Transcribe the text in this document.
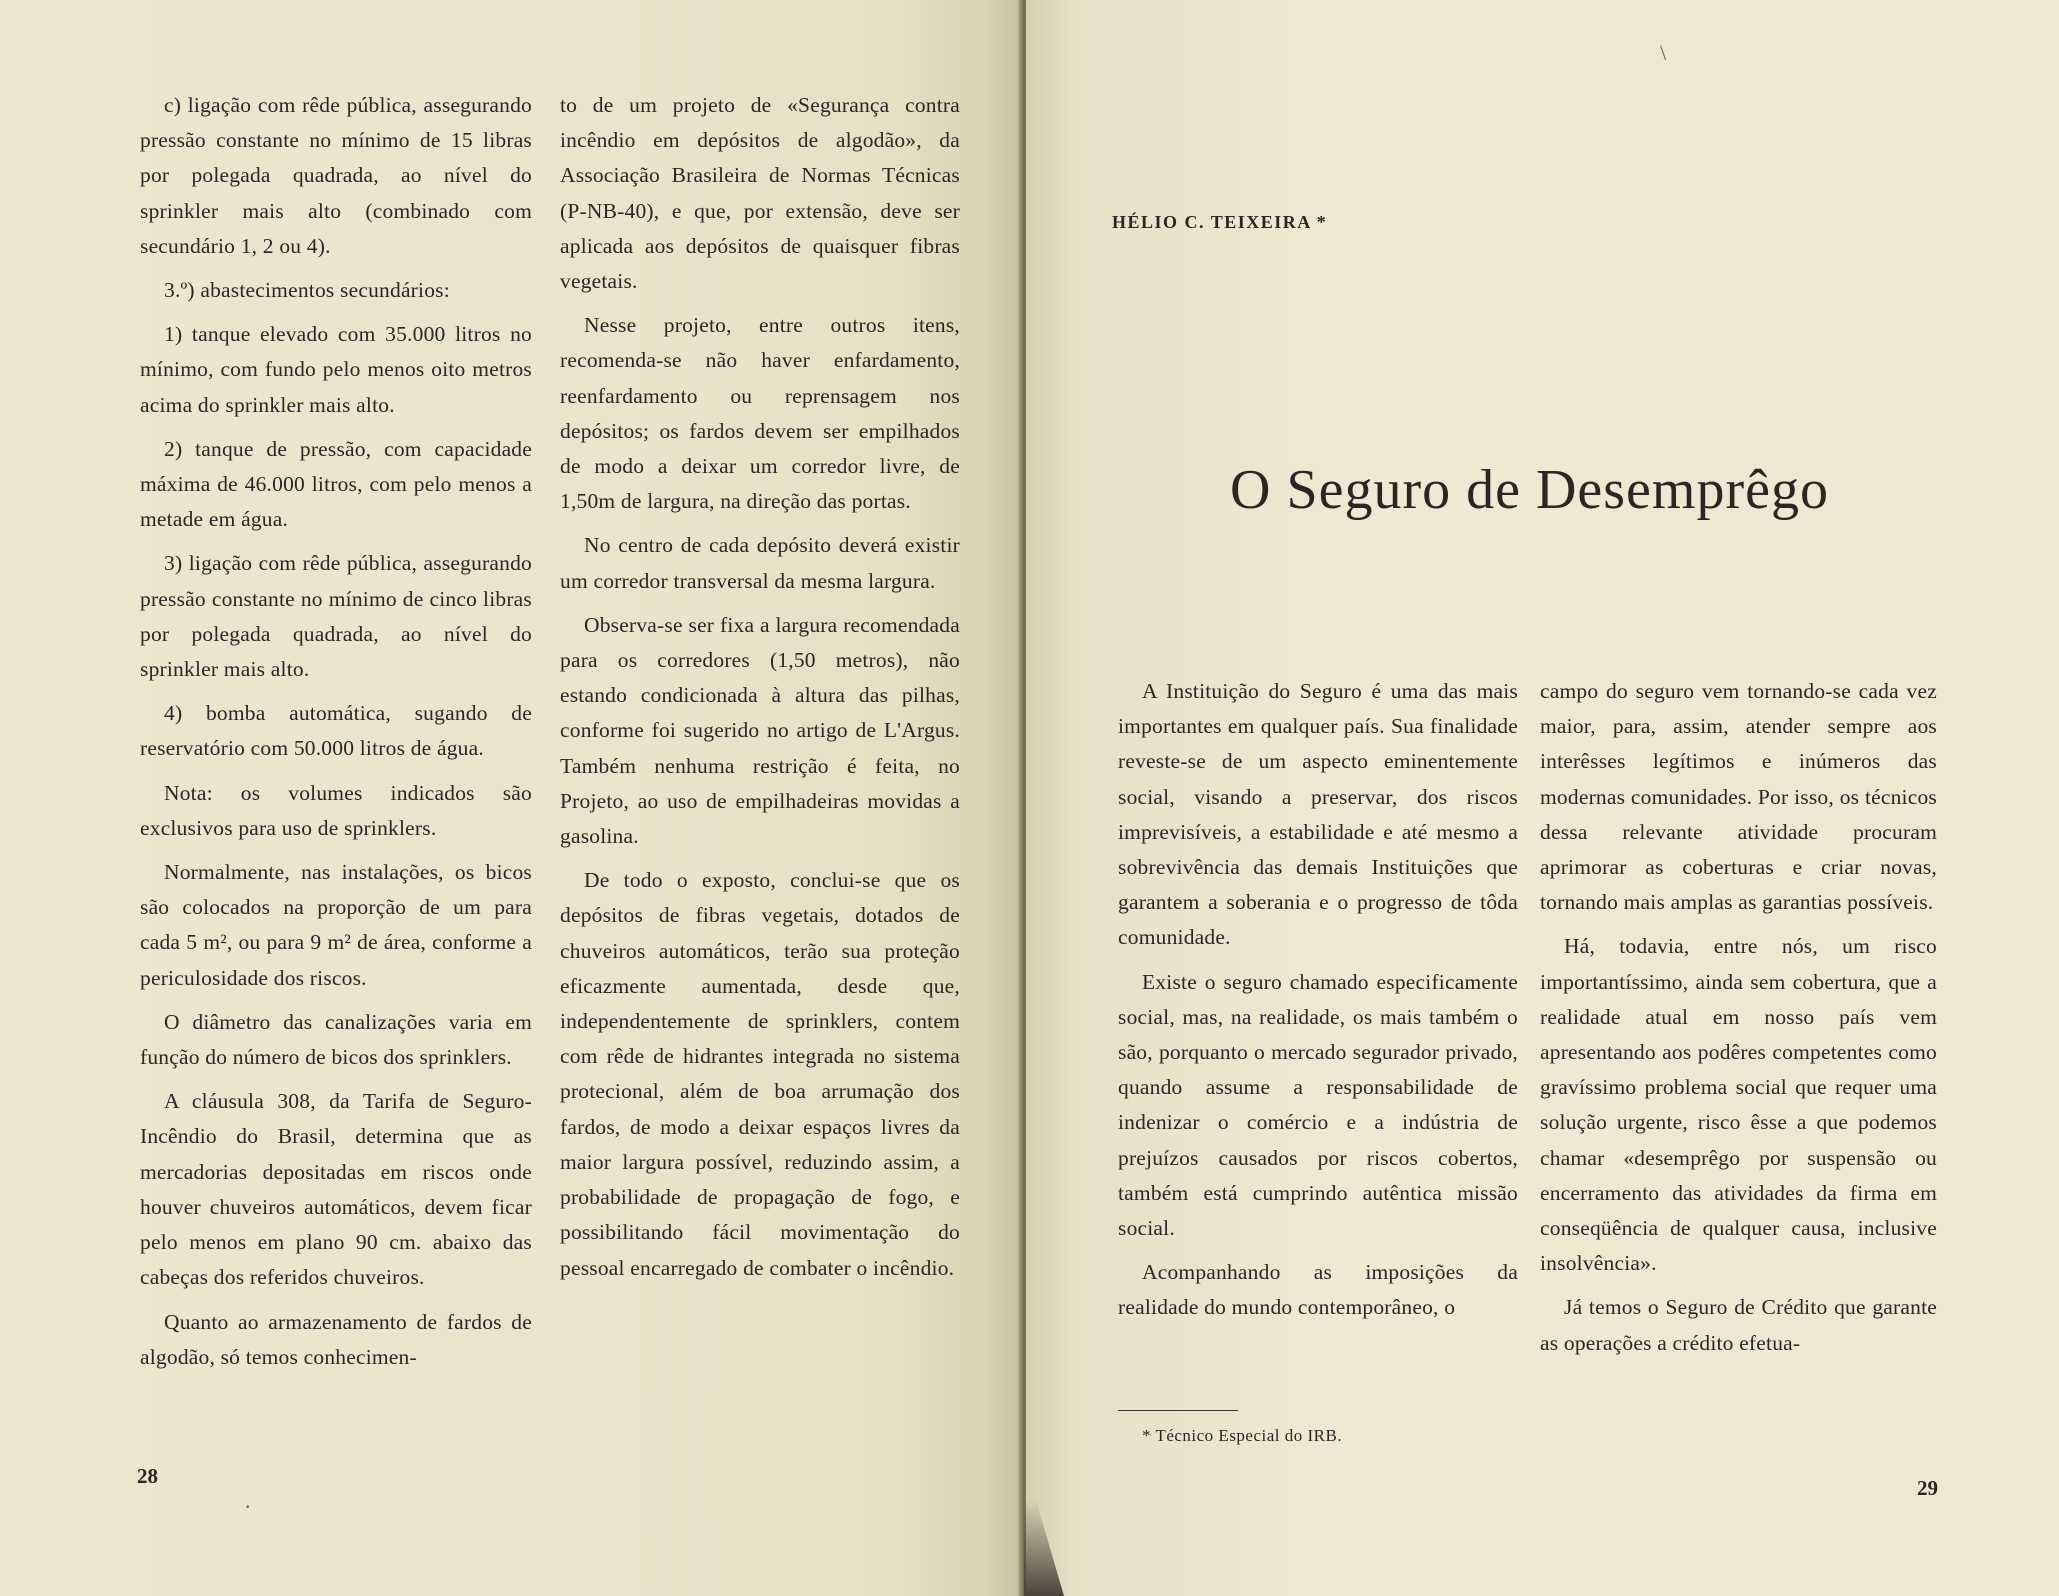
c) ligação com rêde pública, assegurando pressão constante no mínimo de 15 libras por polegada quadrada, ao nível do sprinkler mais alto (combinado com secundário 1, 2 ou 4).

3.º) abastecimentos secundários:

1) tanque elevado com 35.000 litros no mínimo, com fundo pelo menos oito metros acima do sprinkler mais alto.

2) tanque de pressão, com capacidade máxima de 46.000 litros, com pelo menos a metade em água.

3) ligação com rêde pública, assegurando pressão constante no mínimo de cinco libras por polegada quadrada, ao nível do sprinkler mais alto.

4) bomba automática, sugando de reservatório com 50.000 litros de água.

Nota: os volumes indicados são exclusivos para uso de sprinklers.

Normalmente, nas instalações, os bicos são colocados na proporção de um para cada 5 m², ou para 9 m² de área, conforme a periculosidade dos riscos.

O diâmetro das canalizações varia em função do número de bicos dos sprinklers.

A cláusula 308, da Tarifa de Seguro-Incêndio do Brasil, determina que as mercadorias depositadas em riscos onde houver chuveiros automáticos, devem ficar pelo menos em plano 90 cm. abaixo das cabeças dos referidos chuveiros.

Quanto ao armazenamento de fardos de algodão, só temos conhecimen-

to de um projeto de «Segurança contra incêndio em depósitos de algodão», da Associação Brasileira de Normas Técnicas (P-NB-40), e que, por extensão, deve ser aplicada aos depósitos de quaisquer fibras vegetais.

Nesse projeto, entre outros itens, recomenda-se não haver enfardamento, reenfardamento ou reprensagem nos depósitos; os fardos devem ser empilhados de modo a deixar um corredor livre, de 1,50m de largura, na direção das portas.

No centro de cada depósito deverá existir um corredor transversal da mesma largura.

Observa-se ser fixa a largura recomendada para os corredores (1,50 metros), não estando condicionada à altura das pilhas, conforme foi sugerido no artigo de L'Argus. Também nenhuma restrição é feita, no Projeto, ao uso de empilhadeiras movidas a gasolina.

De todo o exposto, conclui-se que os depósitos de fibras vegetais, dotados de chuveiros automáticos, terão sua proteção eficazmente aumentada, desde que, independentemente de sprinklers, contem com rêde de hidrantes integrada no sistema protecional, além de boa arrumação dos fardos, de modo a deixar espaços livres da maior largura possível, reduzindo assim, a probabilidade de propagação de fogo, e possibilitando fácil movimentação do pessoal encarregado de combater o incêndio.

28
·
\
HÉLIO C. TEIXEIRA *
O Seguro de Desemprêgo

A Instituição do Seguro é uma das mais importantes em qualquer país. Sua finalidade reveste-se de um aspecto eminentemente social, visando a preservar, dos riscos imprevisíveis, a estabilidade e até mesmo a sobrevivência das demais Instituições que garantem a soberania e o progresso de tôda comunidade.

Existe o seguro chamado especificamente social, mas, na realidade, os mais também o são, porquanto o mercado segurador privado, quando assume a responsabilidade de indenizar o comércio e a indústria de prejuízos causados por riscos cobertos, também está cumprindo autêntica missão social.

Acompanhando as imposições da realidade do mundo contemporâneo, o

* Técnico Especial do IRB.

campo do seguro vem tornando-se cada vez maior, para, assim, atender sempre aos interêsses legítimos e inúmeros das modernas comunidades. Por isso, os técnicos dessa relevante atividade procuram aprimorar as coberturas e criar novas, tornando mais amplas as garantias possíveis.

Há, todavia, entre nós, um risco importantíssimo, ainda sem cobertura, que a realidade atual em nosso país vem apresentando aos podêres competentes como gravíssimo problema social que requer uma solução urgente, risco êsse a que podemos chamar «desemprêgo por suspensão ou encerramento das atividades da firma em conseqüência de qualquer causa, inclusive insolvência».

Já temos o Seguro de Crédito que garante as operações a crédito efetua-

29
